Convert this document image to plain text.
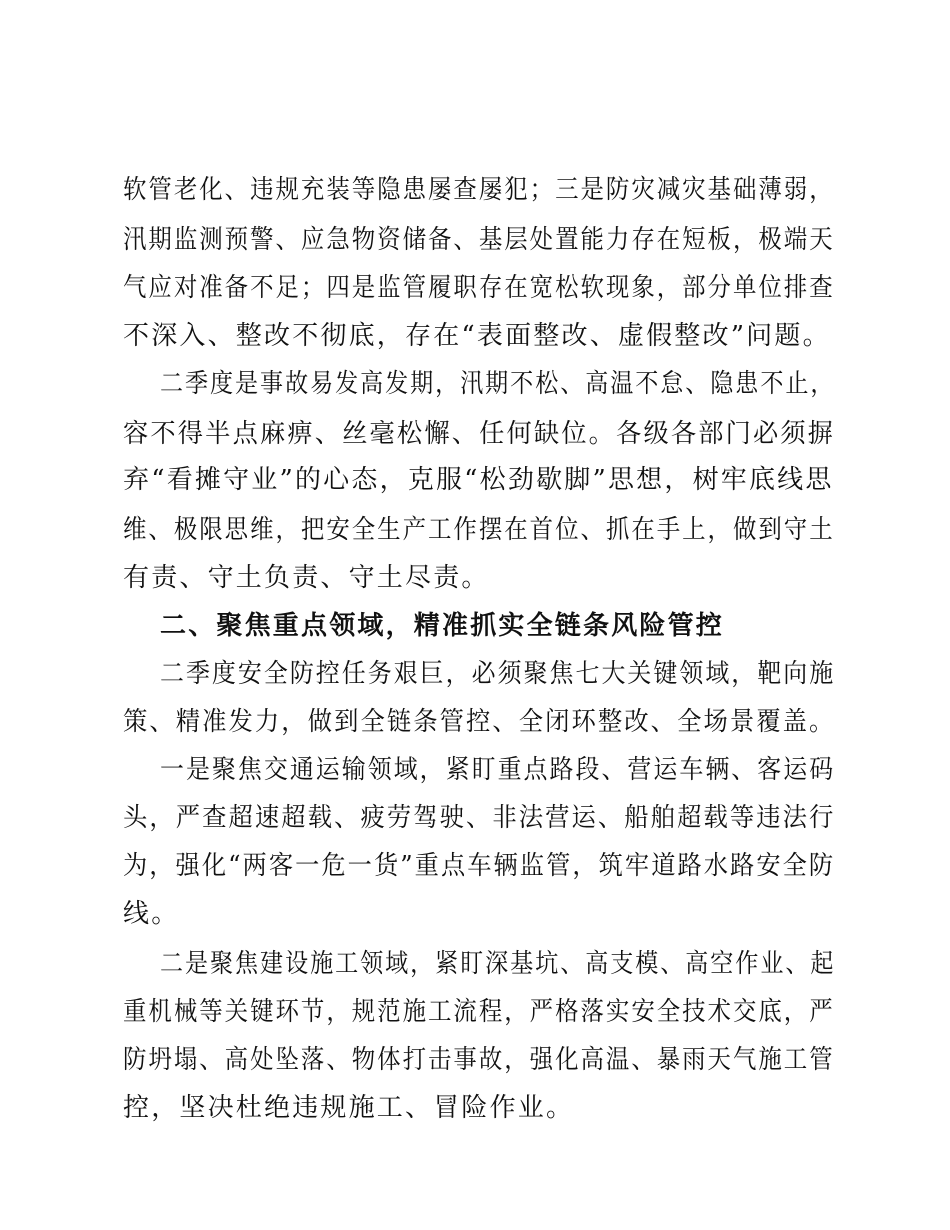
软管老化、违规充装等隐患屡查屡犯；三是防灾减灾基础薄弱，
汛期监测预警、应急物资储备、基层处置能力存在短板，极端天
气应对准备不足；四是监管履职存在宽松软现象，部分单位排查
不深入、整改不彻底，存在“表面整改、虚假整改”问题。
二季度是事故易发高发期，汛期不松、高温不怠、隐患不止，
容不得半点麻痹、丝毫松懈、任何缺位。各级各部门必须摒
弃“看摊守业”的心态，克服“松劲歇脚”思想，树牢底线思
维、极限思维，把安全生产工作摆在首位、抓在手上，做到守土
有责、守土负责、守土尽责。
二、聚焦重点领域，精准抓实全链条风险管控
二季度安全防控任务艰巨，必须聚焦七大关键领域，靶向施
策、精准发力，做到全链条管控、全闭环整改、全场景覆盖。
一是聚焦交通运输领域，紧盯重点路段、营运车辆、客运码
头，严查超速超载、疲劳驾驶、非法营运、船舶超载等违法行
为，强化“两客一危一货”重点车辆监管，筑牢道路水路安全防
线。
二是聚焦建设施工领域，紧盯深基坑、高支模、高空作业、起
重机械等关键环节，规范施工流程，严格落实安全技术交底，严
防坍塌、高处坠落、物体打击事故，强化高温、暴雨天气施工管
控，坚决杜绝违规施工、冒险作业。
